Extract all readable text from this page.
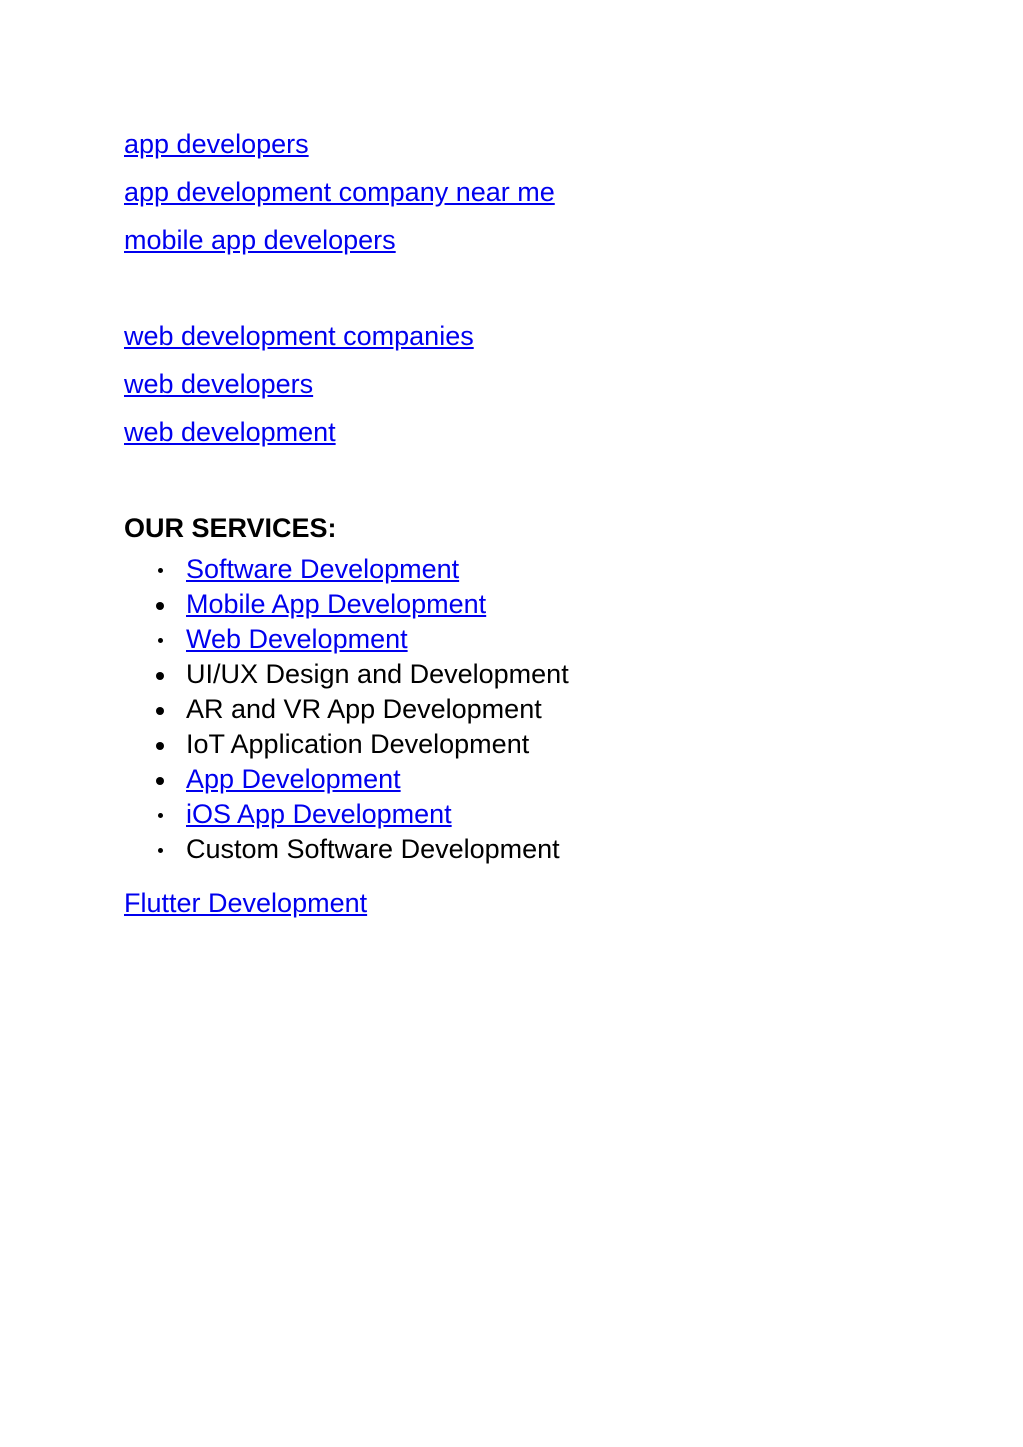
app developers
app development company near me
mobile app developers
web development companies
web developers
web development
OUR SERVICES:
Software Development
Mobile App Development
Web Development
UI/UX Design and Development
AR and VR App Development
IoT Application Development
App Development
iOS App Development
Custom Software Development
Flutter Development
